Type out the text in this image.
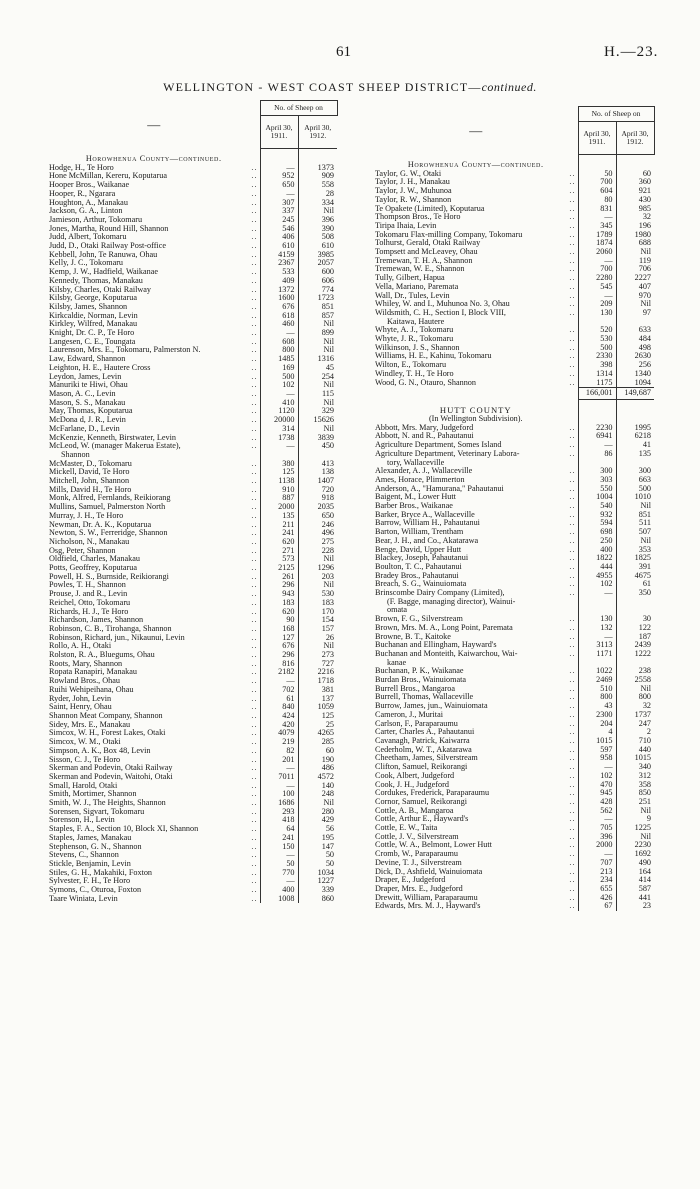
61	H.—23.
WELLINGTON - WEST COAST SHEEP DISTRICT—continued.
—	No. of Sheep on	
	April 30, 1911.	April 30, 1912.

Horowhenua County—continued.		
Hodge, H., Te Horo ..	—	1373
Hone McMillan, Kereru, Koputarua ..	952	909
Hooper Bros., Waikanae ..	650	558
Hooper, R., Ngarara ..	—	28
Houghton, A., Manakau ..	307	334
Jackson, G. A., Linton ..	337	Nil
Jamieson, Arthur, Tokomaru ..	245	396
Jones, Martha, Round Hill, Shannon ..	546	390
Judd, Albert, Tokomaru ..	406	508
Judd, D., Otaki Railway Post-office ..	610	610
Kebbell, John, Te Ranuwa, Ohau ..	4159	3985
Kelly, J. C., Tokomaru ..	2367	2057
Kemp, J. W., Hadfield, Waikanae ..	533	600
Kennedy, Thomas, Manakau ..	409	606
Kilsby, Charles, Otaki Railway ..	1372	774
Kilsby, George, Koputarua ..	1600	1723
Kilsby, James, Shannon ..	676	851
Kirkcaldie, Norman, Levin ..	618	857
Kirkley, Wilfred, Manakau ..	460	Nil
Knight, Dr. C. P., Te Horo ..	—	899
Langesen, C. E., Toungata ..	608	Nil
Laurenson, Mrs. E., Tokomaru, Palmerston N. ..	800	Nil
Law, Edward, Shannon ..	1485	1316
Leighton, H. E., Hautere Cross ..	169	45
Leydon, James, Levin ..	500	254
Manuriki te Hiwi, Ohau ..	102	Nil
Mason, A. C., Levin ..	—	115
Mason, S. S., Manakau ..	410	Nil
May, Thomas, Koputarua ..	1120	329
McDona d, J. R., Levin ..	20000	15626
McFarlane, D., Levin ..	314	Nil
McKenzie, Kenneth, Birstwater, Levin ..	1738	3839
McLeod, W. (manager Makerua Estate), ..	—	450
Shannon		
McMaster, D., Tokomaru ..	380	413
Mickell, David, Te Horo ..	125	138
Mitchell, John, Shannon ..	1138	1407
Mills, David H., Te Horo ..	910	720
Monk, Alfred, Fernlands, Reikiorang ..	887	918
Mullins, Samuel, Palmerston North ..	2000	2035
Murray, J. H., Te Horo ..	135	650
Newman, Dr. A. K., Koputarua ..	211	246
Newton, S. W., Ferreridge, Shannon ..	241	496
Nicholson, N., Manakau ..	620	275
Osg, Peter, Shannon ..	271	228
Oldfield, Charles, Manakau ..	573	Nil
Potts, Geoffrey, Koputarua ..	2125	1296
Powell, H. S., Burnside, Reikiorangi ..	261	203
Powles, T. H., Shannon ..	296	Nil
Prouse, J. and R., Levin ..	943	530
Reichel, Otto, Tokomaru ..	183	183
Richards, H. J., Te Horo ..	620	170
Richardson, James, Shannon ..	90	154
Robinson, C. B., Tirohanga, Shannon ..	168	157
Robinson, Richard, jun., Nikaunui, Levin ..	127	26
Rollo, A. H., Otaki ..	676	Nil
Rolston, R. A., Bluegums, Ohau ..	296	273
Roots, Mary, Shannon ..	816	727
Ropata Ranapiri, Manakau ..	2182	2216
Rowland Bros., Ohau ..	—	1718
Ruihi Wehipeihana, Ohau ..	702	381
Ryder, John, Levin ..	61	137
Saint, Henry, Ohau ..	840	1059
Shannon Meat Company, Shannon ..	424	125
Sidey, Mrs. E., Manakau ..	420	25
Simcox, W. H., Forest Lakes, Otaki ..	4079	4265
Simcox, W. M., Otaki ..	219	285
Simpson, A. K., Box 48, Levin ..	82	60
Sisson, C. J., Te Horo ..	201	190
Skerman and Podevin, Otaki Railway ..	—	486
Skerman and Podevin, Waitohi, Otaki ..	7011	4572
Small, Harold, Otaki ..	—	140
Smith, Mortimer, Shannon ..	100	248
Smith, W. J., The Heights, Shannon ..	1686	Nil
Sorensen, Sigvart, Tokomaru ..	293	280
Sorenson, H., Levin ..	418	429
Staples, F. A., Section 10, Block XI, Shannon ..	64	56
Staples, James, Manakau ..	241	195
Stephenson, G. N., Shannon ..	150	147
Stevens, C., Shannon ..	—	50
Stickle, Benjamin, Levin ..	50	50
Stiles, G. H., Makahiki, Foxton ..	770	1034
Sylvester, F. H., Te Horo ..	—	1227
Symons, C., Oturoa, Foxton ..	400	339
Taare Winiata, Levin ..	1008	860
—	No. of Sheep on	
	April 30, 1911.	April 30, 1912.

Horowhenua County—continued.		
Taylor, G. W., Otaki ..	50	60
Taylor, J. H., Manakau ..	700	360
Taylor, J. W., Muhunoa ..	604	921
Taylor, R. W., Shannon ..	80	430
Te Opakete (Limited), Koputarua ..	831	985
Thompson Bros., Te Horo ..	—	32
Tiripa Ihaia, Levin ..	345	196
Tokomaru Flax-milling Company, Tokomaru ..	1789	1980
Tolhurst, Gerald, Otaki Railway ..	1874	688
Tompsett and McLeavey, Ohau ..	2060	Nil
Tremewan, T. H. A., Shannon ..	—	119
Tremewan, W. E., Shannon ..	700	706
Tully, Gilbert, Hapua ..	2280	2227
Vella, Mariano, Paremata ..	545	407
Wall, Dr., Tules, Levin ..	—	970
Whiley, W. and I., Muhunoa No. 3, Ohau ..	209	Nil
Wildsmith, C. H., Section I, Block VIII, ..	130	97
Kaitawa, Hautere		
Whyte, A. J., Tokomaru ..	520	633
Whyte, J. R., Tokomaru ..	530	484
Wilkinson, J. S., Shannon ..	500	498
Williams, H. E., Kahinu, Tokomaru ..	2330	2630
Wilton, E., Tokomaru ..	398	256
Windley, T. H., Te Horo ..	1314	1340
Wood, G. N., Otauro, Shannon ..	1175	1094
	166,001	149,687

HUTT COUNTY		
(In Wellington Subdivision).		
Abbott, Mrs. Mary, Judgeford ..	2230	1995
Abbott, N. and R., Pahautanui ..	6941	6218
Agriculture Department, Somes Island ..	—	41
Agriculture Department, Veterinary Labora- ..	86	135
tory, Wallaceville		
Alexander, A. J., Wallaceville ..	300	300
Ames, Horace, Plimmerton ..	303	663
Anderson, A., "Hamurana," Pahautanui ..	550	500
Baigent, M., Lower Hutt ..	1004	1010
Barber Bros., Waikanae ..	540	Nil
Barker, Bryce A., Wallaceville ..	932	851
Barrow, William H., Pahautanui ..	594	511
Barton, William, Trentham ..	698	507
Bear, J. H., and Co., Akatarawa ..	250	Nil
Benge, David, Upper Hutt ..	400	353
Blackey, Joseph, Pahautanui ..	1822	1825
Boulton, T. C., Pahautanui ..	444	391
Bradey Bros., Pahautanui ..	4955	4675
Breach, S. G., Wainuiomata ..	102	61
Brinscombe Dairy Company (Limited), ..	—	350
(F. Bagge, managing director), Wainui-		
omata		
Brown, F. G., Silverstream ..	130	30
Brown, Mrs. M. A., Long Point, Paremata ..	132	122
Browne, B. T., Kaitoke ..	—	187
Buchanan and Ellingham, Hayward's ..	3113	2439
Buchanan and Monteith, Kaiwarchou, Wai- ..	1171	1222
kanae		
Buchanan, P. K., Waikanae ..	1022	238
Burdan Bros., Wainuiomata ..	2469	2558
Burrell Bros., Mangaroa ..	510	Nil
Burrell, Thomas, Wallaceville ..	800	800
Burrow, James, jun., Wainuiomata ..	43	32
Cameron, J., Muritai ..	2300	1737
Carlson, F., Paraparaumu ..	204	247
Carter, Charles A., Pahautanui ..	4	2
Cavanagh, Patrick, Kaiwarra ..	1015	710
Cederholm, W. T., Akatarawa ..	597	440
Cheetham, James, Silverstream ..	958	1015
Clifton, Samuel, Reikorangi ..	—	340
Cook, Albert, Judgeford ..	102	312
Cook, J. H., Judgeford ..	470	358
Cordukes, Frederick, Paraparaumu ..	945	850
Cornor, Samuel, Reikorangi ..	428	251
Cottle, A. B., Mangaroa ..	562	Nil
Cottle, Arthur E., Hayward's ..	—	9
Cottle, E. W., Taita ..	705	1225
Cottle, J. V., Silverstream ..	396	Nil
Cottle, W. A., Belmont, Lower Hutt ..	2000	2230
Cromb, W., Paraparaumu ..	—	1692
Devine, T. J., Silverstream ..	707	490
Dick, D., Ashfield, Wainuiomata ..	213	164
Draper, E., Judgeford ..	234	414
Draper, Mrs. E., Judgeford ..	655	587
Drewitt, William, Paraparaumu ..	426	441
Edwards, Mrs. M. J., Hayward's ..	67	23
